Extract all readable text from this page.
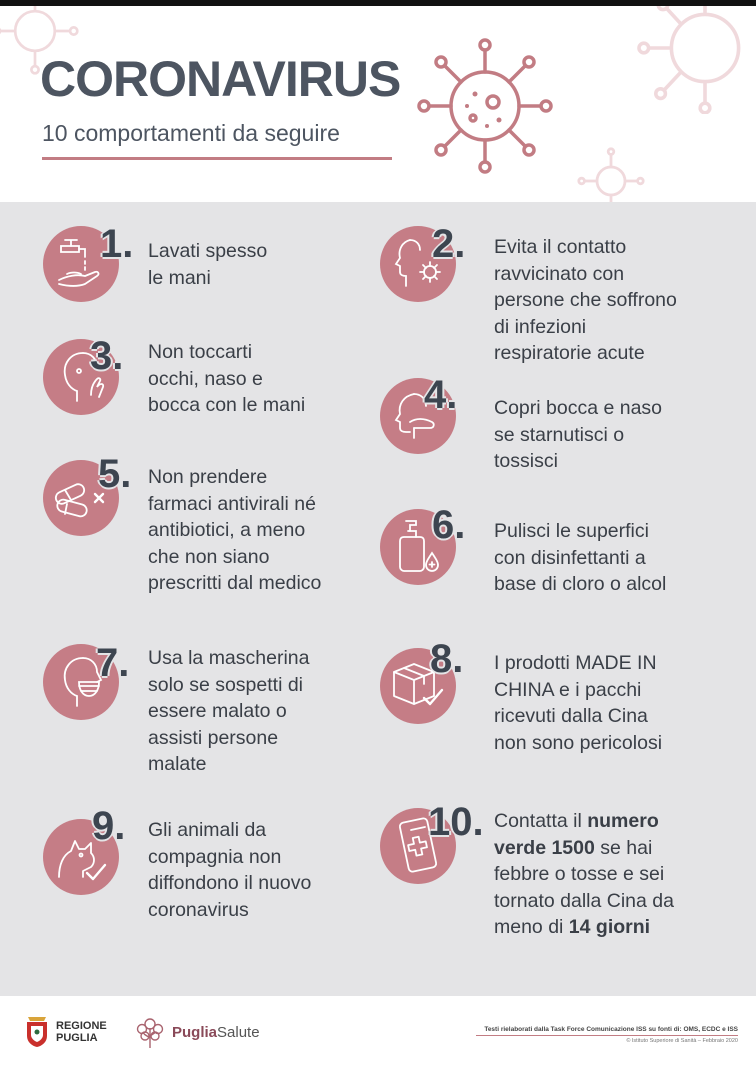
CORONAVIRUS

10 comportamenti da seguire

1. Lavati spesso
le mani
2. Evita il contatto
ravvicinato con
persone che soffrono
di infezioni
respiratorie acute
3. Non toccarti
occhi, naso e
bocca con le mani	4. Copri bocca e naso
se starnutisci o
tossisci
5. Non prendere
farmaci antivirali né
antibiotici, a meno
che non siano
prescritti dal medico
6. Pulisci le superfici
con disinfettanti a
base di cloro o alcol
7. Usa la mascherina
solo se sospetti di
essere malato o
assisti persone
malate
8. I prodotti MADE IN
CHINA e i pacchi
ricevuti dalla Cina
non sono pericolosi
9. Gli animali da
compagnia non
diffondono il nuovo
coronavirus
10. Contatta il numero
verde 1500 se hai
febbre o tosse e sei
tornato dalla Cina da
meno di 14 giorni
REGIONE
PUGLIA	PugliaSalute	Testi rielaborati dalla Task Force Comunicazione ISS su fonti di: OMS, ECDC e ISS
© Istituto Superiore di Sanità – Febbraio 2020
